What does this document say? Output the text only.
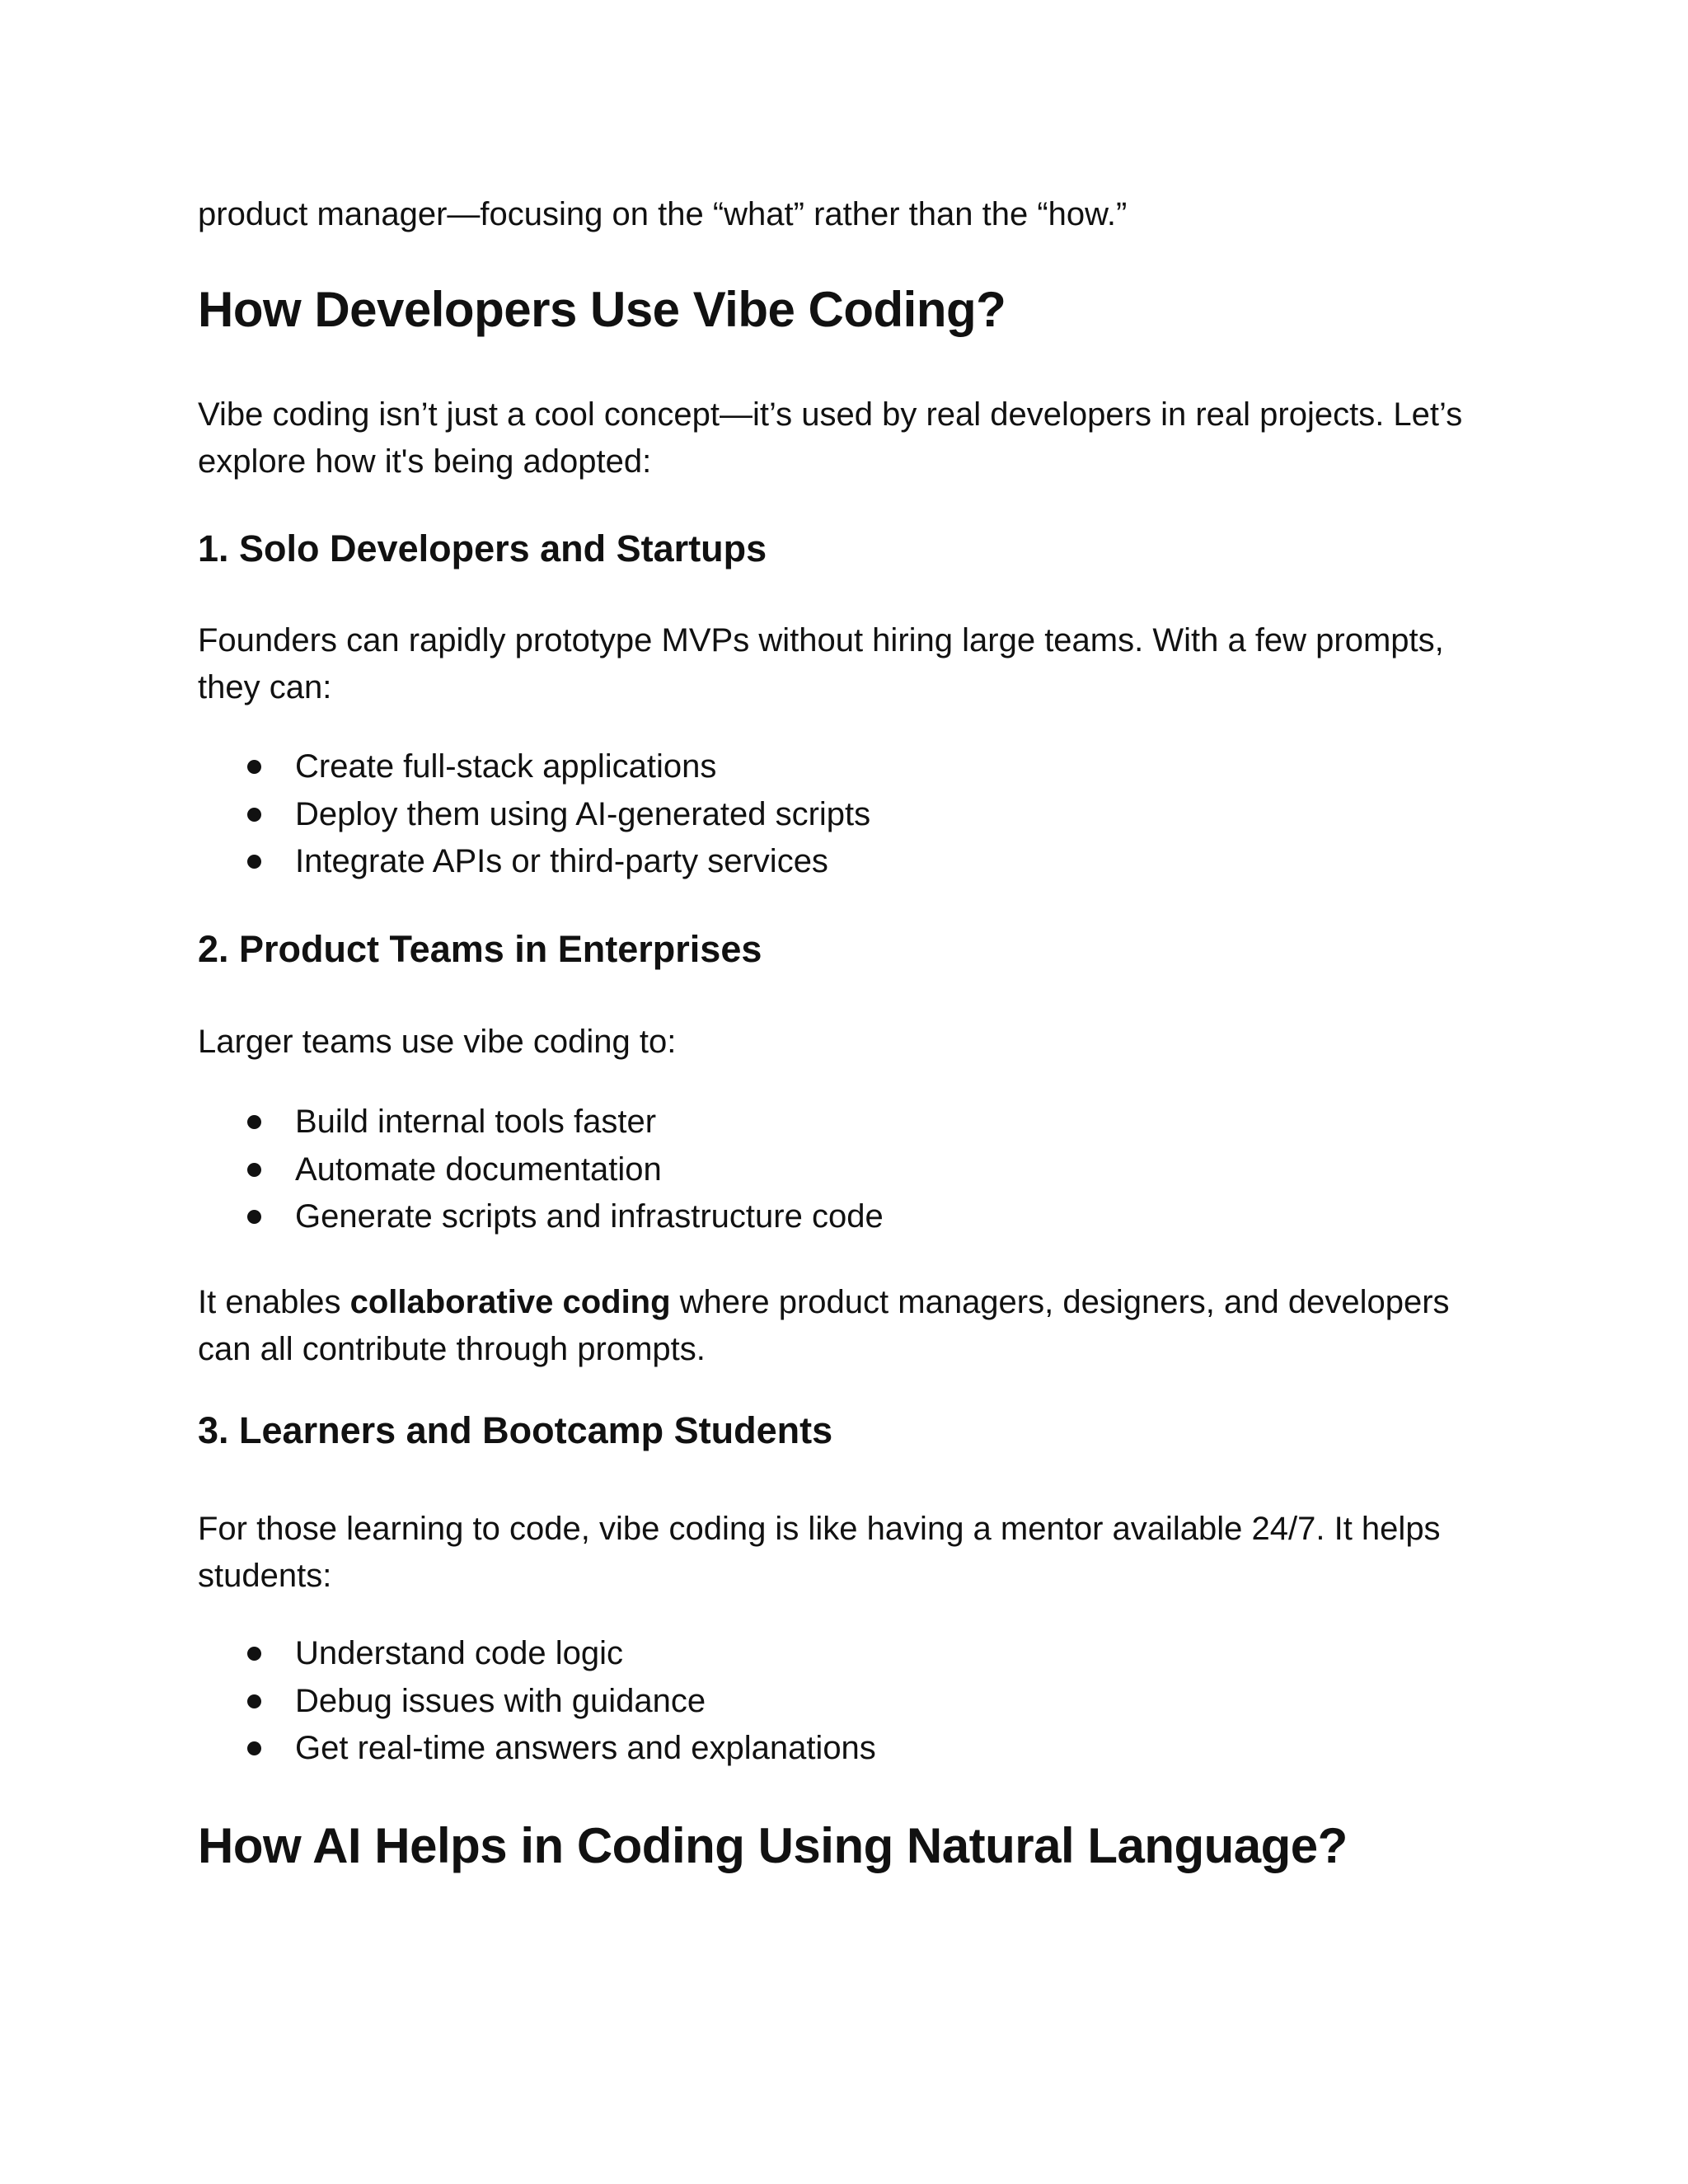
product manager—focusing on the “what” rather than the “how.”

How Developers Use Vibe Coding?

Vibe coding isn’t just a cool concept—it’s used by real developers in real projects. Let’s explore how it's being adopted:

1. Solo Developers and Startups

Founders can rapidly prototype MVPs without hiring large teams. With a few prompts, they can:

Create full-stack applications
Deploy them using AI-generated scripts
Integrate APIs or third-party services
2. Product Teams in Enterprises

Larger teams use vibe coding to:

Build internal tools faster
Automate documentation
Generate scripts and infrastructure code

It enables collaborative coding where product managers, designers, and developers can all contribute through prompts.

3. Learners and Bootcamp Students

For those learning to code, vibe coding is like having a mentor available 24/7. It helps students:

Understand code logic
Debug issues with guidance
Get real-time answers and explanations
How AI Helps in Coding Using Natural Language?
